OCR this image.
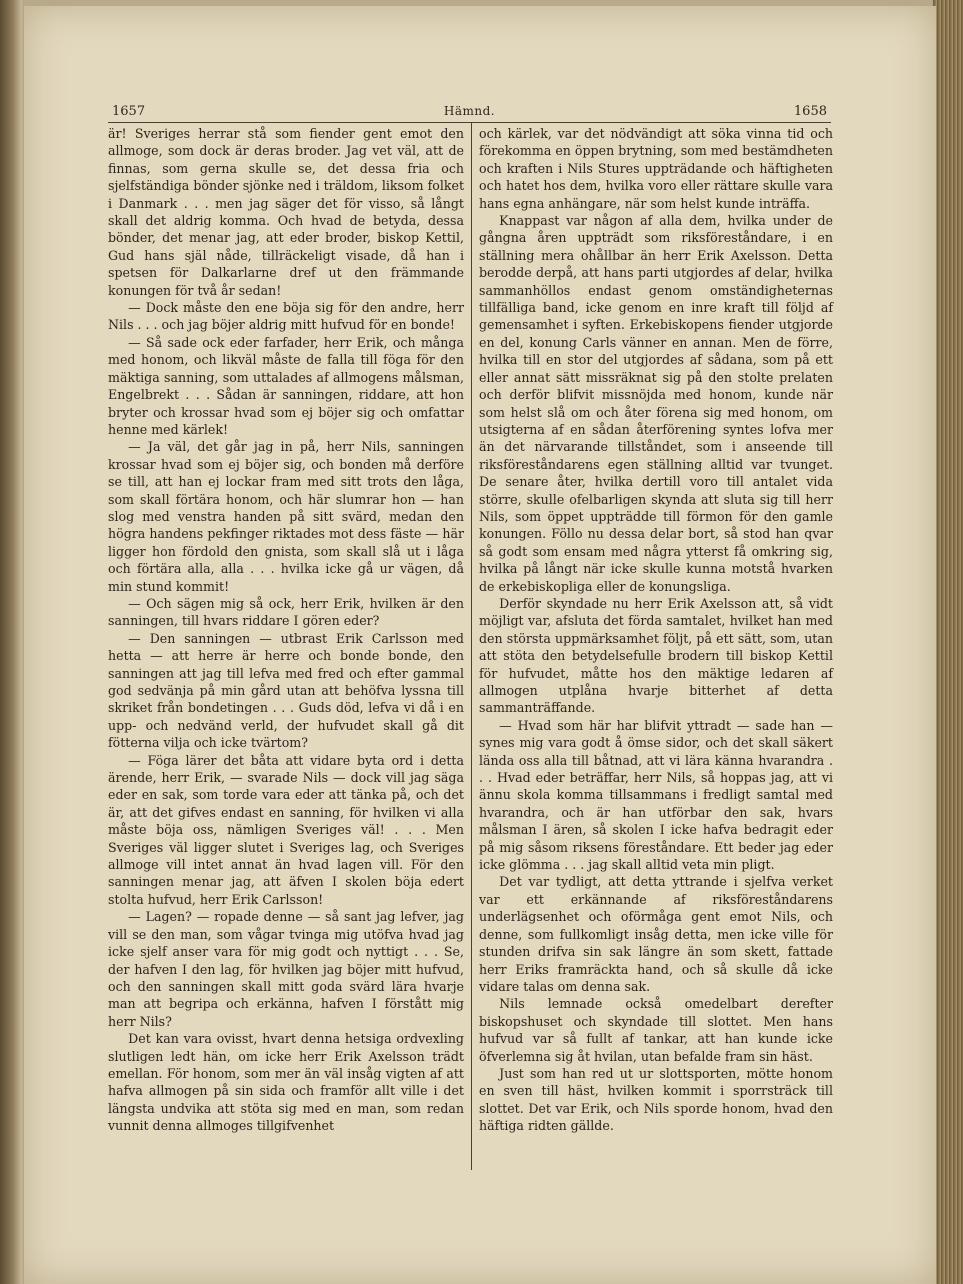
1657	Hämnd.	1658

är! Sveriges herrar stå som fiender gent emot den allmoge, som dock är deras broder. Jag vet väl, att de finnas, som gerna skulle se, det dessa fria och sjelfständiga bönder sjönke ned i träldom, liksom folket i Danmark . . . men jag säger det för visso, så långt skall det aldrig komma. Och hvad de betyda, dessa bönder, det menar jag, att eder broder, biskop Kettil, Gud hans själ nåde, tillräckeligt visade, då han i spetsen för Dalkarlarne dref ut den främmande konungen för två år sedan!

— Dock måste den ene böja sig för den andre, herr Nils . . . och jag böjer aldrig mitt hufvud för en bonde!

— Så sade ock eder farfader, herr Erik, och många med honom, och likväl måste de falla till föga för den mäktiga sanning, som uttalades af allmogens målsman, Engelbrekt . . . Sådan är sanningen, riddare, att hon bryter och krossar hvad som ej böjer sig och omfattar henne med kärlek!

— Ja väl, det går jag in på, herr Nils, sanningen krossar hvad som ej böjer sig, och bonden må derföre se till, att han ej lockar fram med sitt trots den låga, som skall förtära honom, och här slumrar hon — han slog med venstra handen på sitt svärd, medan den högra handens pekfinger riktades mot dess fäste — här ligger hon fördold den gnista, som skall slå ut i låga och förtära alla, alla . . . hvilka icke gå ur vägen, då min stund kommit!

— Och sägen mig så ock, herr Erik, hvilken är den sanningen, till hvars riddare I gören eder?

— Den sanningen — utbrast Erik Carlsson med hetta — att herre är herre och bonde bonde, den sanningen att jag till lefva med fred och efter gammal god sedvänja på min gård utan att behöfva lyssna till skriket från bondetingen . . . Guds död, lefva vi då i en upp- och nedvänd verld, der hufvudet skall gå dit fötterna vilja och icke tvärtom?

— Föga lärer det båta att vidare byta ord i detta ärende, herr Erik, — svarade Nils — dock vill jag säga eder en sak, som torde vara eder att tänka på, och det är, att det gifves endast en sanning, för hvilken vi alla måste böja oss, nämligen Sveriges väl! . . . Men Sveriges väl ligger slutet i Sveriges lag, och Sveriges allmoge vill intet annat än hvad lagen vill. För den sanningen menar jag, att äfven I skolen böja edert stolta hufvud, herr Erik Carlsson!

— Lagen? — ropade denne — så sant jag lefver, jag vill se den man, som vågar tvinga mig utöfva hvad jag icke sjelf anser vara för mig godt och nyttigt . . . Se, der hafven I den lag, för hvilken jag böjer mitt hufvud, och den sanningen skall mitt goda svärd lära hvarje man att begripa och erkänna, hafven I förstått mig herr Nils?

Det kan vara ovisst, hvart denna hetsiga ordvexling slutligen ledt hän, om icke herr Erik Axelsson trädt emellan. För honom, som mer än väl insåg vigten af att hafva allmogen på sin sida och framför allt ville i det längsta undvika att stöta sig med en man, som redan vunnit denna allmoges tillgifvenhet

och kärlek, var det nödvändigt att söka vinna tid och förekomma en öppen brytning, som med bestämdheten och kraften i Nils Stures uppträdande och häftigheten och hatet hos dem, hvilka voro eller rättare skulle vara hans egna anhängare, när som helst kunde inträffa.

Knappast var någon af alla dem, hvilka under de gångna åren uppträdt som riksföreståndare, i en ställning mera ohållbar än herr Erik Axelsson. Detta berodde derpå, att hans parti utgjordes af delar, hvilka sammanhöllos endast genom omständigheternas tillfälliga band, icke genom en inre kraft till följd af gemensamhet i syften. Erkebiskopens fiender utgjorde en del, konung Carls vänner en annan. Men de förre, hvilka till en stor del utgjordes af sådana, som på ett eller annat sätt missräknat sig på den stolte prelaten och derför blifvit missnöjda med honom, kunde när som helst slå om och åter förena sig med honom, om utsigterna af en sådan återförening syntes lofva mer än det närvarande tillståndet, som i anseende till riksföreståndarens egen ställning alltid var tvunget. De senare åter, hvilka dertill voro till antalet vida större, skulle ofelbarligen skynda att sluta sig till herr Nils, som öppet uppträdde till förmon för den gamle konungen. Föllo nu dessa delar bort, så stod han qvar så godt som ensam med några ytterst få omkring sig, hvilka på långt när icke skulle kunna motstå hvarken de erkebiskopliga eller de konungsliga.

Derför skyndade nu herr Erik Axelsson att, så vidt möjligt var, afsluta det förda samtalet, hvilket han med den största uppmärksamhet följt, på ett sätt, som, utan att stöta den betydelsefulle brodern till biskop Kettil för hufvudet, måtte hos den mäktige ledaren af allmogen utplåna hvarje bitterhet af detta sammanträffande.

— Hvad som här har blifvit yttradt — sade han — synes mig vara godt å ömse sidor, och det skall säkert lända oss alla till båtnad, att vi lära känna hvarandra . . . Hvad eder beträffar, herr Nils, så hoppas jag, att vi ännu skola komma tillsammans i fredligt samtal med hvarandra, och är han utförbar den sak, hvars målsman I ären, så skolen I icke hafva bedragit eder på mig såsom riksens föreståndare. Ett beder jag eder icke glömma . . . jag skall alltid veta min pligt.

Det var tydligt, att detta yttrande i sjelfva verket var ett erkännande af riksföreståndarens underlägsenhet och oförmåga gent emot Nils, och denne, som fullkomligt insåg detta, men icke ville för stunden drifva sin sak längre än som skett, fattade herr Eriks framräckta hand, och så skulle då icke vidare talas om denna sak.

Nils lemnade också omedelbart derefter biskopshuset och skyndade till slottet. Men hans hufvud var så fullt af tankar, att han kunde icke öfverlemna sig åt hvilan, utan befalde fram sin häst.

Just som han red ut ur slottsporten, mötte honom en sven till häst, hvilken kommit i sporrsträck till slottet. Det var Erik, och Nils sporde honom, hvad den häftiga ridten gällde.
